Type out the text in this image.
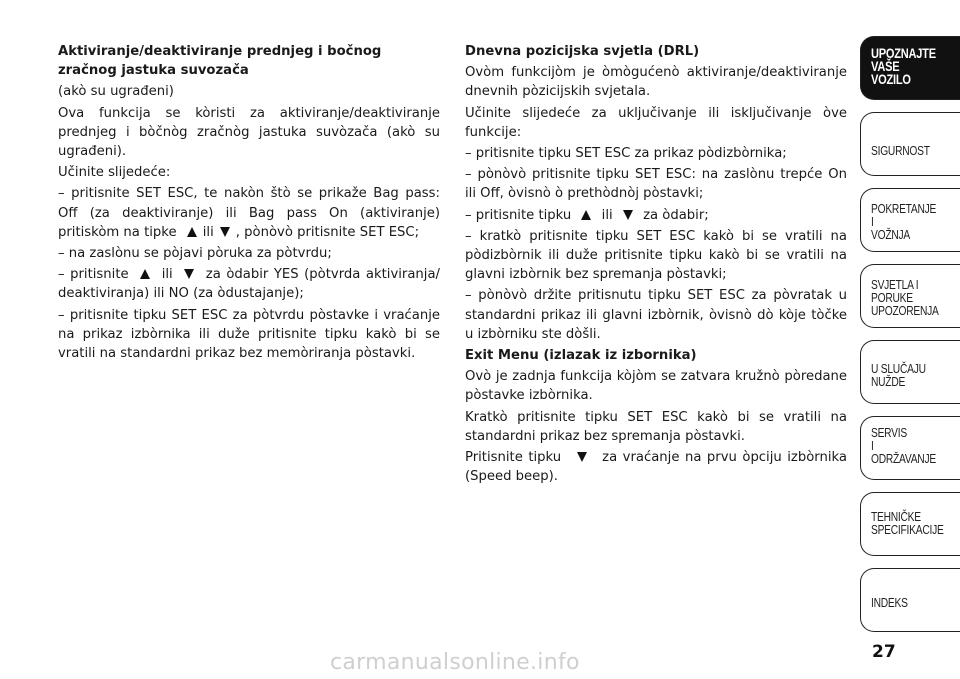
Aktiviranje/deaktiviranje prednjeg i bočnog zračnog jastuka suvozača

(akò su ugrađeni)

Ova funkcija se kòristi za aktiviranje/deaktiviranje prednjeg i bòčnòg zračnòg jastuka suvòzača (akò su ugrađeni).

Učinite slijedeće:

– pritisnite SET ESC, te nakòn štò se prikaže Bag pass: Off (za deaktiviranje) ili Bag pass On (aktiviranje) pritiskòm na tipke ili , pònòvò pritisnite SET ESC;

– na zaslònu se pòjavi pòruka za pòtvrdu;

– pritisnite	ili	za òdabir YES (pòtvrda aktiviranja/ deaktiviranja) ili NO (za òdustajanje);

– pritisnite tipku SET ESC za pòtvrdu pòstavke i vraćanje na prikaz izbòrnika ili duže pritisnite tipku kakò bi se vratili na standardni prikaz bez memòriranja pòstavki.

Dnevna pozicijska svjetla (DRL)

Ovòm funkcijòm je òmògućenò aktiviranje/deaktiviranje dnevnih pòzicijskih svjetala.

Učinite slijedeće za uključivanje ili isključivanje òve funkcije:

– pritisnite tipku SET ESC za prikaz pòdizbòrnika;

– pònòvò pritisnite tipku SET ESC: na zaslònu trepće On ili Off, òvisnò ò prethòdnòj pòstavki;

– pritisnite tipku ili za òdabir;

– kratkò pritisnite tipku SET ESC kakò bi se vratili na pòdizbòrnik ili duže pritisnite tipku kakò bi se vratili na glavni izbòrnik bez spremanja pòstavki;

– pònòvò držite pritisnutu tipku SET ESC za pòvratak u standardni prikaz ili glavni izbòrnik, òvisnò dò kòje tòčke u izbòrniku ste dòšli.

Exit Menu (izlazak iz izbornika)

Ovò je zadnja funkcija kòjòm se zatvara kružnò pòredane pòstavke izbòrnika.

Kratkò pritisnite tipku SET ESC kakò bi se vratili na standardni prikaz bez spremanja pòstavki.

Pritisnite tipku	za vraćanje na prvu òpciju izbòrnika (Speed beep).

UPOZNAJTE
VAŠE
VOZILO
SIGURNOST
POKRETANJE
I
VOŽNJA
SVJETLA I
PORUKE
UPOZORENJA
U SLUČAJU
NUŽDE
SERVIS
I
ODRŽAVANJE
TEHNIČKE
SPECIFIKACIJE
INDEKS
27
carmanualsonline.info
